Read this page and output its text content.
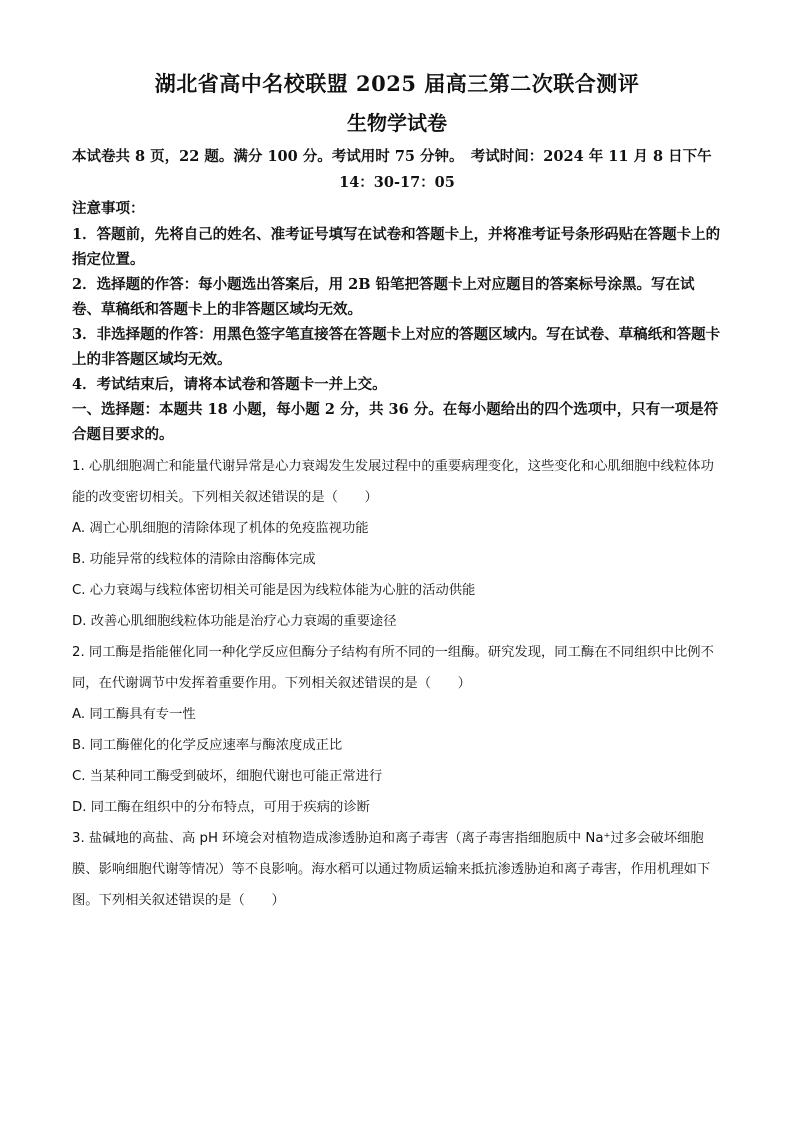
湖北省高中名校联盟 2025 届高三第二次联合测评
生物学试卷

本试卷共 8 页，22 题。满分 100 分。考试用时 75 分钟。　考试时间：2024 年 11 月 8 日下午

14：30-17：05

注意事项：

1．答题前，先将自己的姓名、准考证号填写在试卷和答题卡上，并将准考证号条形码贴在答题卡上的指定位置。

2．选择题的作答：每小题选出答案后，用 2B 铅笔把答题卡上对应题目的答案标号涂黑。写在试卷、草稿纸和答题卡上的非答题区域均无效。

3．非选择题的作答：用黑色签字笔直接答在答题卡上对应的答题区域内。写在试卷、草稿纸和答题卡上的非答题区域均无效。

4．考试结束后，请将本试卷和答题卡一并上交。

一、选择题：本题共 18 小题，每小题 2 分，共 36 分。在每小题给出的四个选项中，只有一项是符合题目要求的。

1. 心肌细胞凋亡和能量代谢异常是心力衰竭发生发展过程中的重要病理变化，这些变化和心肌细胞中线粒体功能的改变密切相关。下列相关叙述错误的是（　　）

A. 凋亡心肌细胞的清除体现了机体的免疫监视功能

B. 功能异常的线粒体的清除由溶酶体完成

C. 心力衰竭与线粒体密切相关可能是因为线粒体能为心脏的活动供能

D. 改善心肌细胞线粒体功能是治疗心力衰竭的重要途径

2. 同工酶是指能催化同一种化学反应但酶分子结构有所不同的一组酶。研究发现，同工酶在不同组织中比例不同，在代谢调节中发挥着重要作用。下列相关叙述错误的是（　　）

A. 同工酶具有专一性

B. 同工酶催化的化学反应速率与酶浓度成正比

C. 当某种同工酶受到破坏，细胞代谢也可能正常进行

D. 同工酶在组织中的分布特点，可用于疾病的诊断

3. 盐碱地的高盐、高 pH 环境会对植物造成渗透胁迫和离子毒害（离子毒害指细胞质中 Na⁺过多会破坏细胞膜、影响细胞代谢等情况）等不良影响。海水稻可以通过物质运输来抵抗渗透胁迫和离子毒害，作用机理如下图。下列相关叙述错误的是（　　）
